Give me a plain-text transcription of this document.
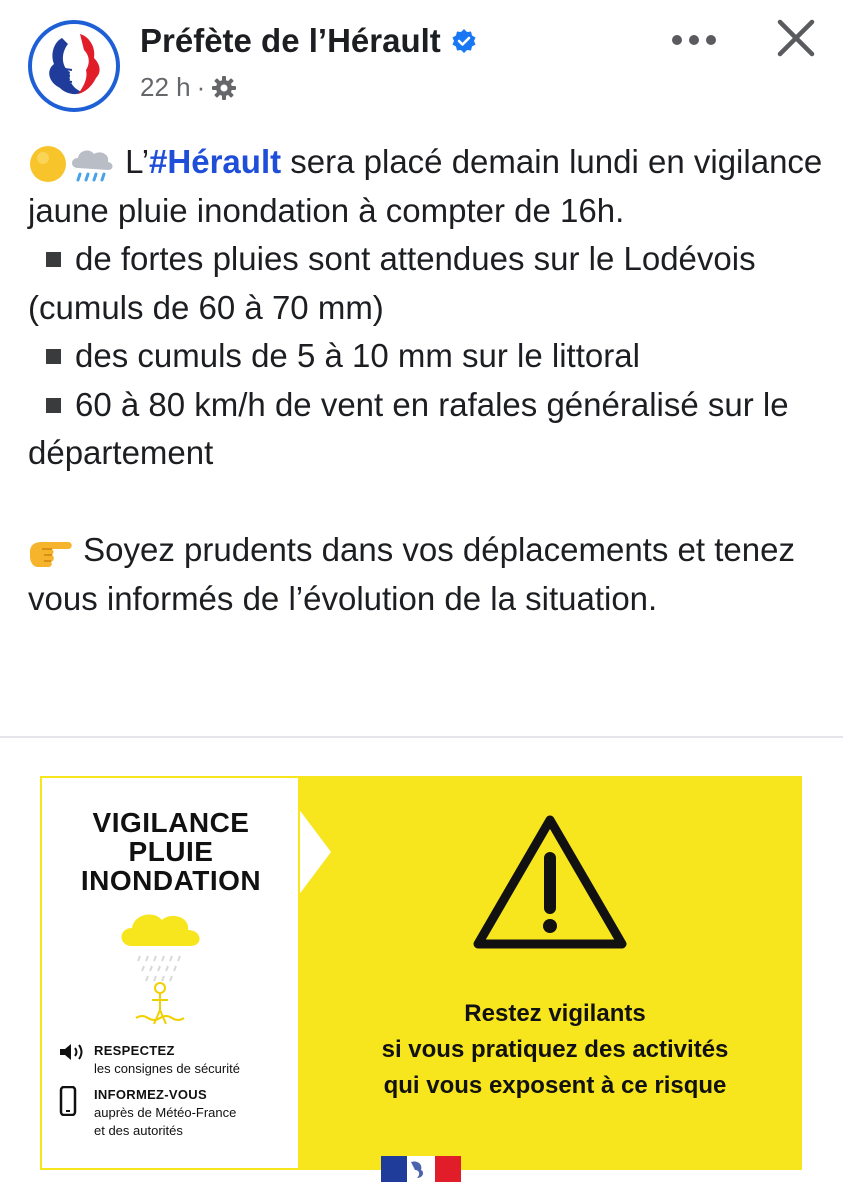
Préfète de l’Hérault
22 h ·

L’#Hérault sera placé demain lundi en vigilance jaune pluie inondation à compter de 16h.

de fortes pluies sont attendues sur le Lodévois (cumuls de 60 à 70 mm)

des cumuls de 5 à 10 mm sur le littoral

60 à 80 km/h de vent en rafales généralisé sur le département

Soyez prudents dans vos déplacements et tenez vous informés de l’évolution de la situation.

VIGILANCE
PLUIE
INONDATION
RESPECTEZ
les consignes de sécurité
INFORMEZ-VOUS
auprès de Météo-France
et des autorités
Restez vigilants
si vous pratiquez des activités
qui vous exposent à ce risque
